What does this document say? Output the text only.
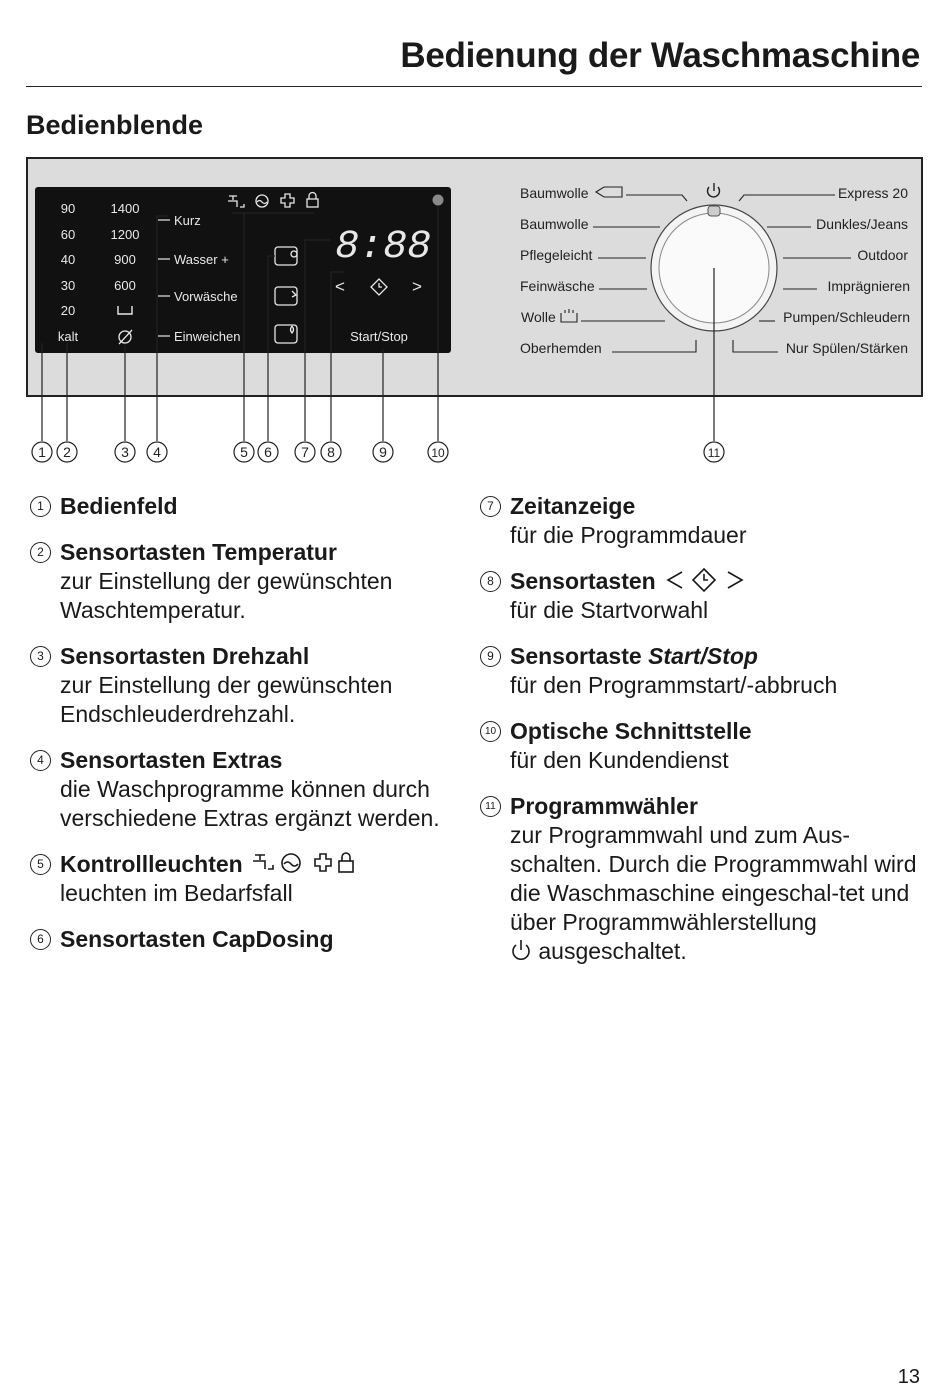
Bedienung der Waschmaschine
Bedienblende
90
60
40
30
20
kalt
1400
1200
900
600
Kurz
Wasser +
Vorwäsche
Einweichen
8:88
<	>
Start/Stop
Baumwolle
Baumwolle
Pflegeleicht
Feinwäsche
Wolle
Oberhemden
Express 20
Dunkles/Jeans
Outdoor
Imprägnieren
Pumpen/Schleudern
Nur Spülen/Stärken
1 2	3 4	5 6 7 8	9	10	11
1 Bedienfeld
2 Sensortasten Temperatur
zur Einstellung der gewünschten Waschtemperatur.
3 Sensortasten Drehzahl
zur Einstellung der gewünschten Endschleuderdrehzahl.
4 Sensortasten Extras
die Waschprogramme können durch verschiedene Extras ergänzt werden.
5 Kontrollleuchten
leuchten im Bedarfsfall
6 Sensortasten CapDosing
7 Zeitanzeige
für die Programmdauer
8 Sensortasten
für die Startvorwahl
9 Sensortaste Start/Stop
für den Programmstart/-abbruch
10 Optische Schnittstelle
für den Kundendienst
11 Programmwähler
zur Programmwahl und zum Aus-schalten. Durch die Programmwahl wird die Waschmaschine eingeschal-tet und über Programmwählerstellung
ausgeschaltet.
13
